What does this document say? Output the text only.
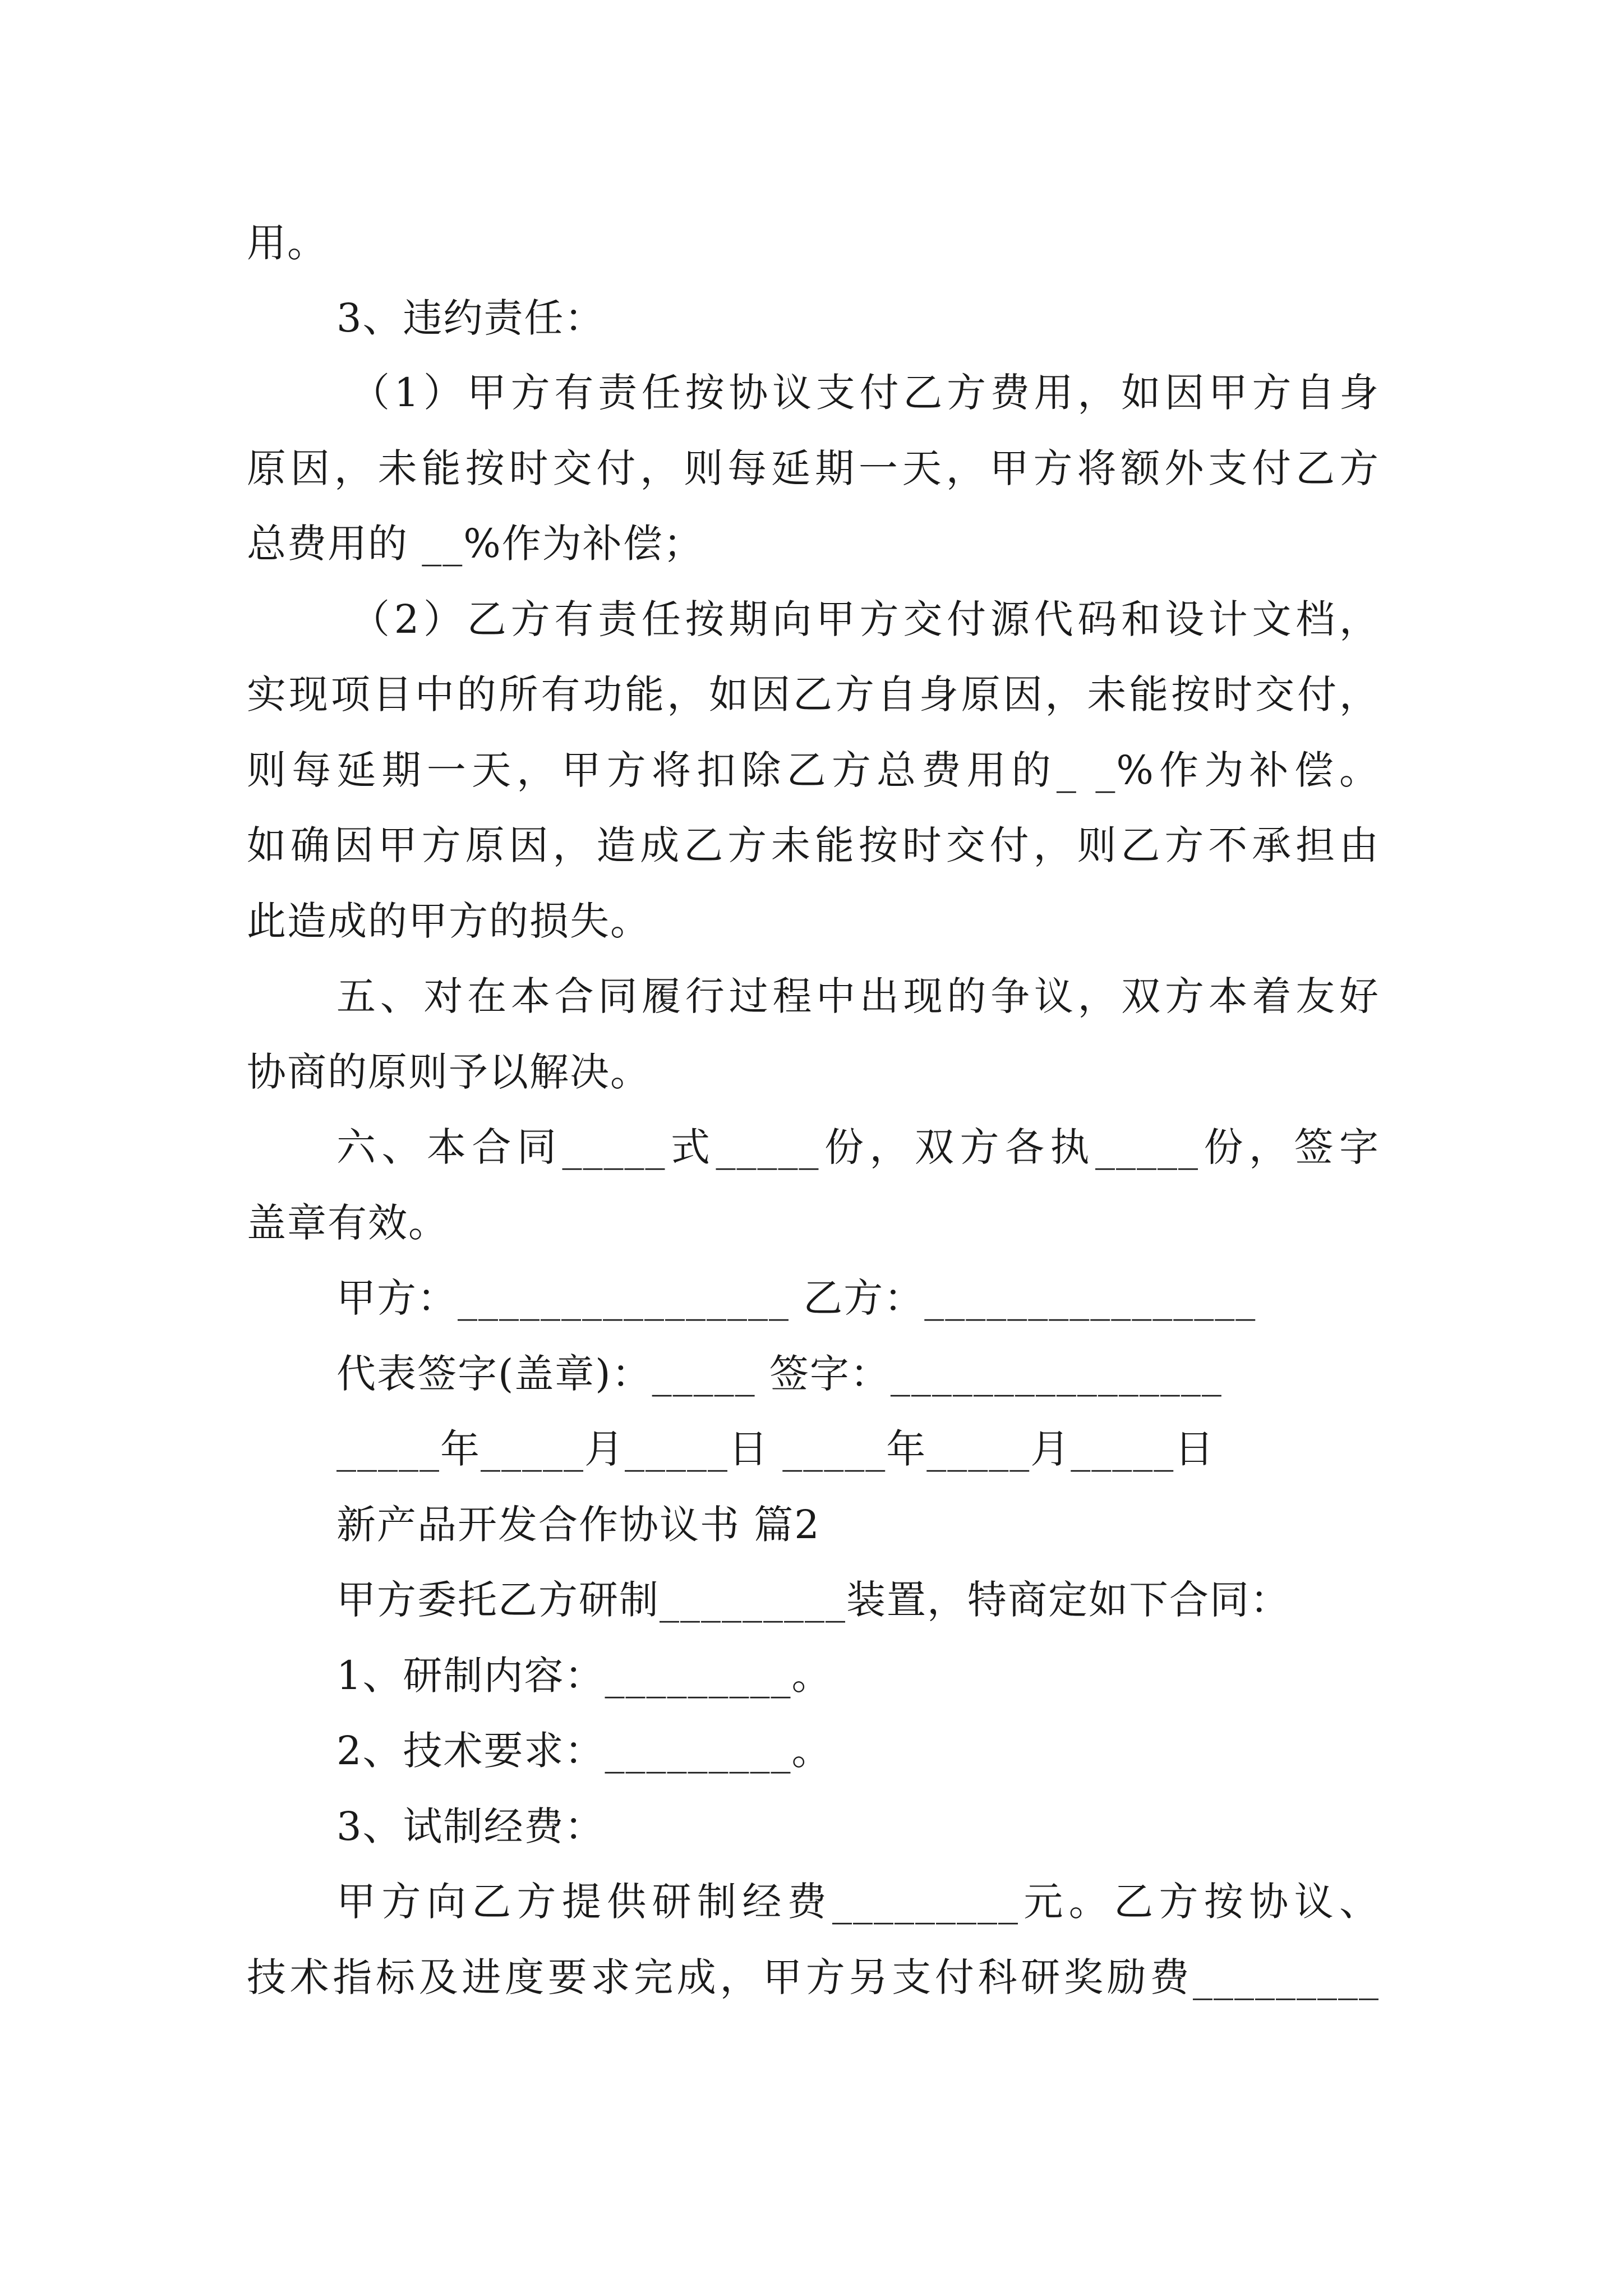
用。
3、违约责任：
（1）甲方有责任按协议支付乙方费用，如因甲方自身
原因，未能按时交付，则每延期一天，甲方将额外支付乙方
总费用的 __%作为补偿；
（2）乙方有责任按期向甲方交付源代码和设计文档，
实现项目中的所有功能，如因乙方自身原因，未能按时交付，
则每延期一天，甲方将扣除乙方总费用的_ _%作为补偿。
如确因甲方原因，造成乙方未能按时交付，则乙方不承担由
此造成的甲方的损失。
五、对在本合同履行过程中出现的争议，双方本着友好
协商的原则予以解决。
六、本合同_____式_____份，双方各执_____份，签字
盖章有效。
甲方：________________ 乙方：________________
代表签字(盖章)：_____ 签字：________________
_____年_____月_____日 _____年_____月_____日
新产品开发合作协议书 篇2
甲方委托乙方研制_________装置，特商定如下合同：
1、研制内容：_________。
2、技术要求：_________。
3、试制经费：
甲方向乙方提供研制经费_________元。乙方按协议、
技术指标及进度要求完成，甲方另支付科研奖励费_________
